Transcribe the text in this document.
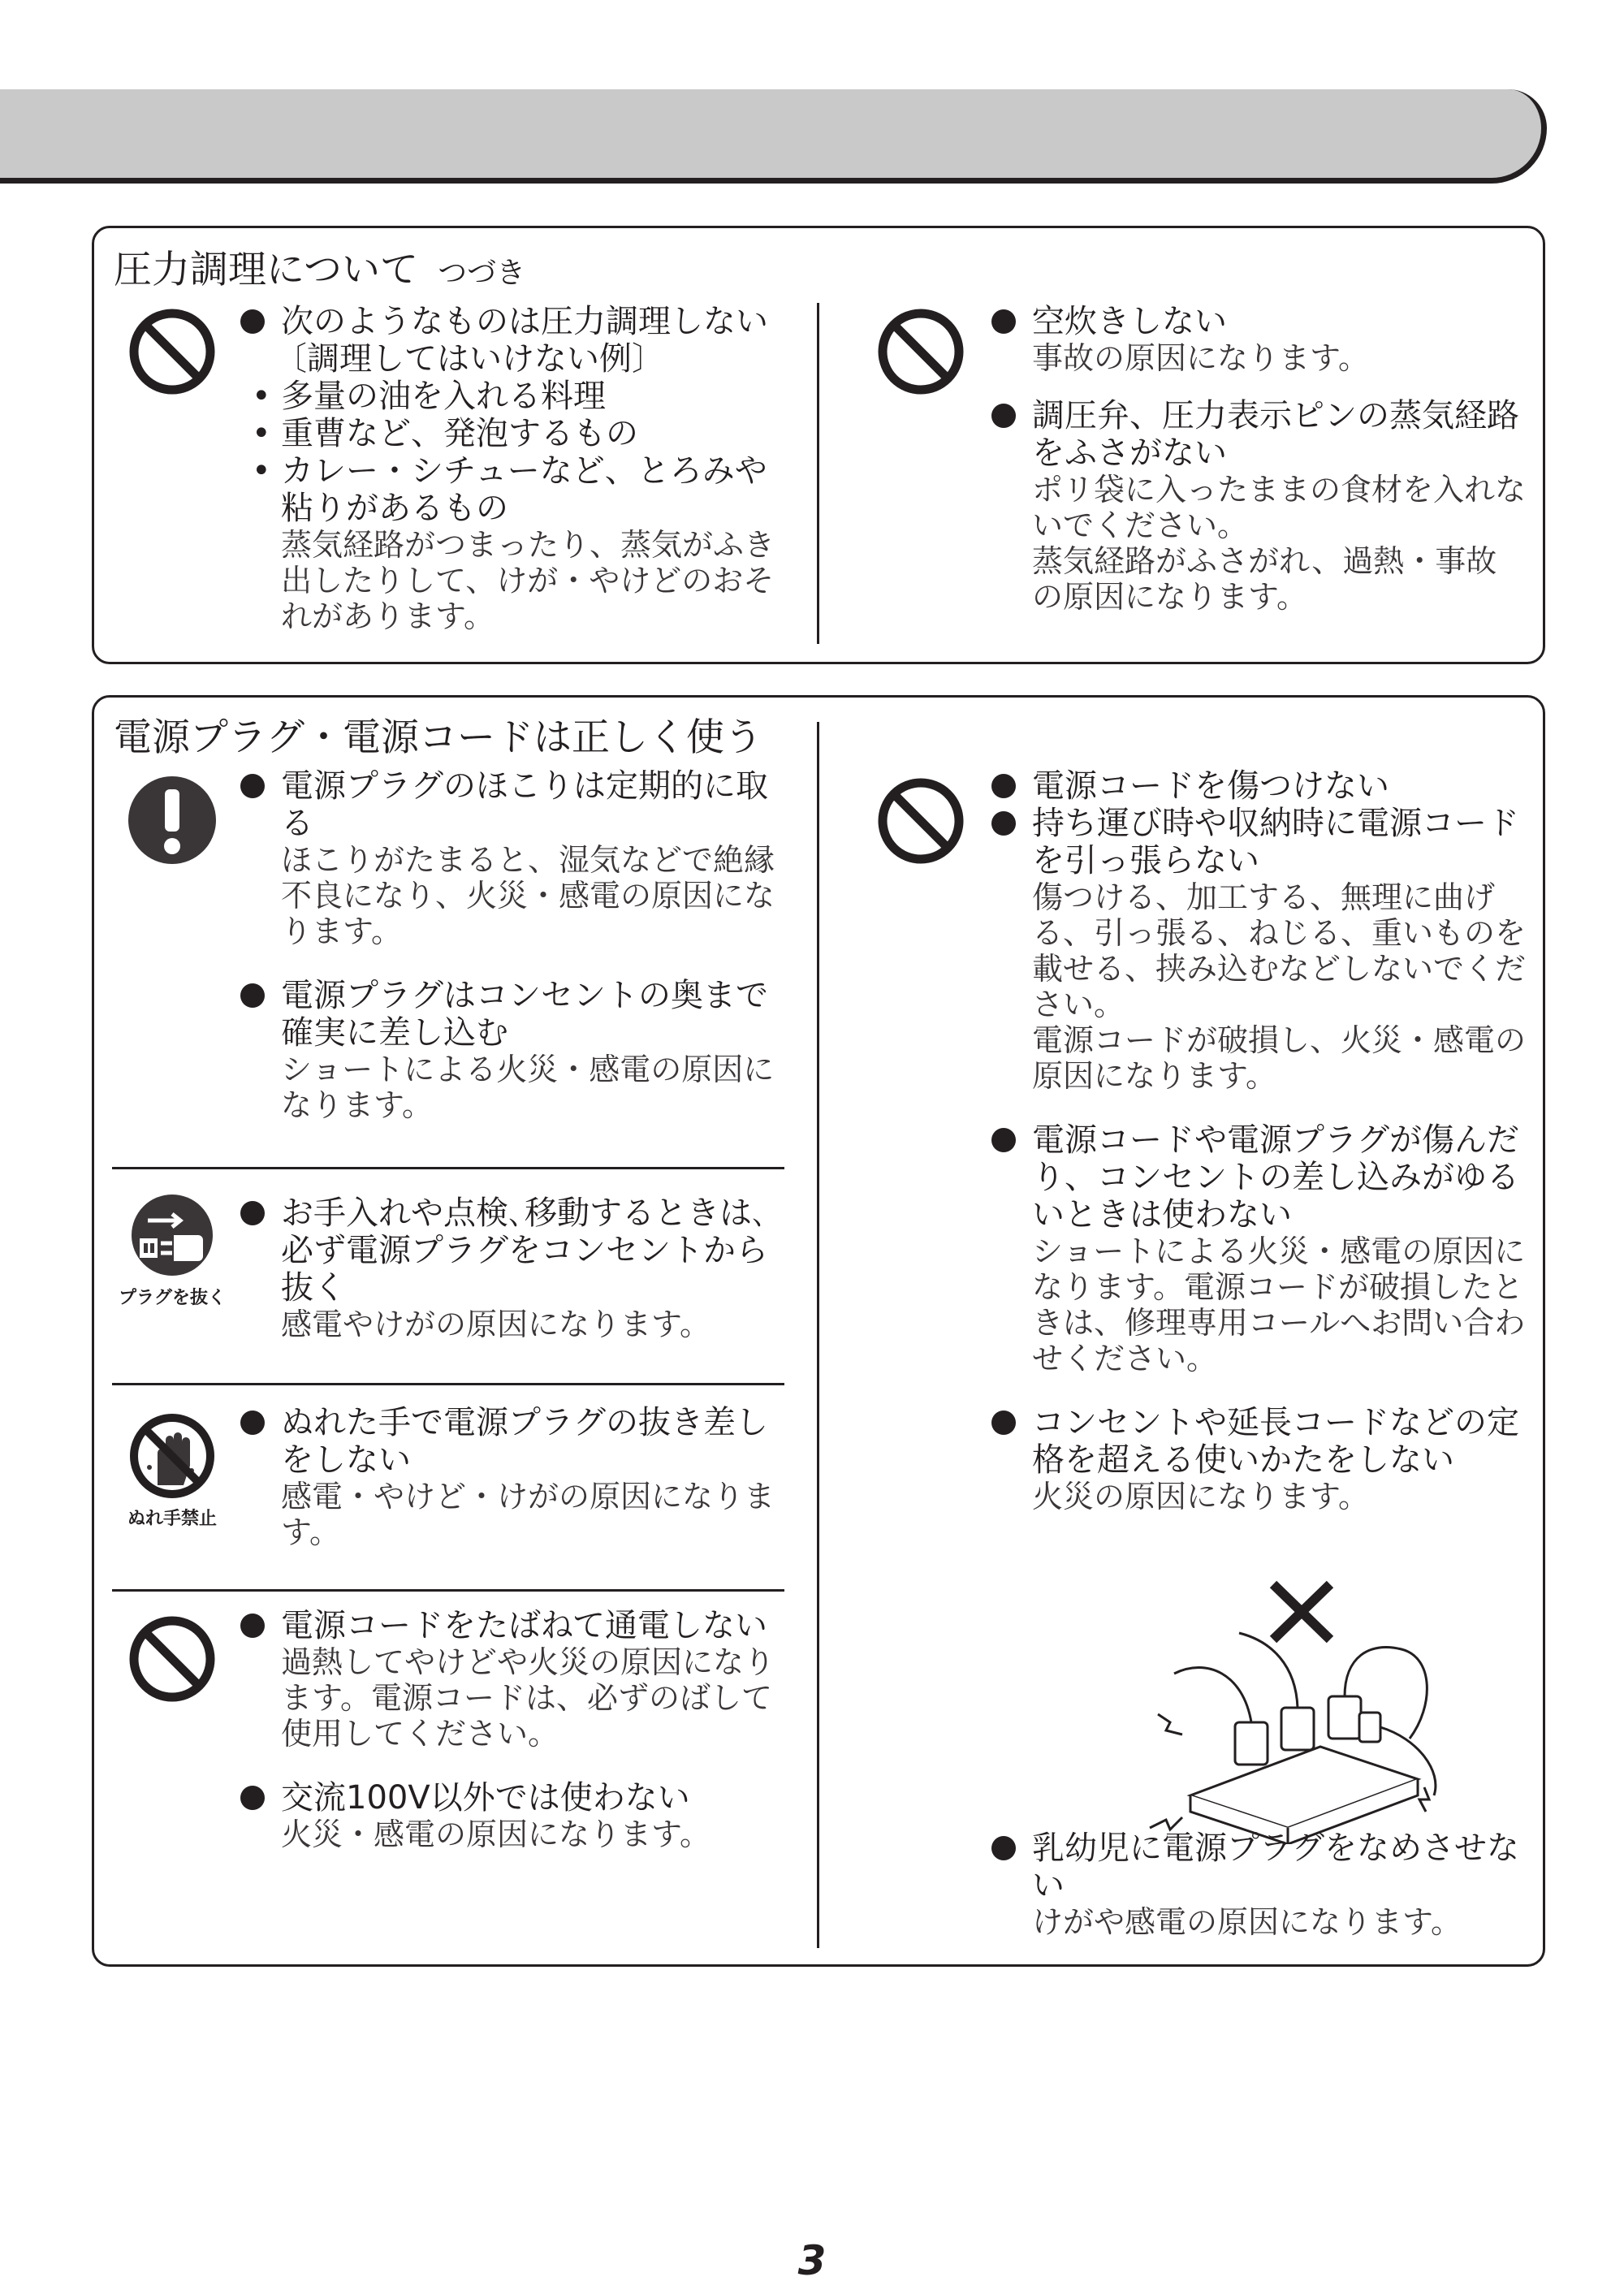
圧力調理について つづき
次のようなものは圧力調理しない
〔調理してはいけない例〕
• 多量の油を入れる料理
• 重曹など、発泡するもの
• カレー・シチューなど、とろみや粘りがあるもの
蒸気経路がつまったり、蒸気がふき出したりして、けが・やけどのおそれがあります。
空炊きしない
事故の原因になります。
調圧弁、圧力表示ピンの蒸気経路をふさがない
ポリ袋に入ったままの食材を入れないでください。
蒸気経路がふさがれ、過熱・事故の原因になります。
電源プラグ・電源コードは正しく使う
電源プラグのほこりは定期的に取る
ほこりがたまると、湿気などで絶縁不良になり、火災・感電の原因になります。
電源プラグはコンセントの奥まで確実に差し込む
ショートによる火災・感電の原因になります。
プラグを抜く
お手入れや点検､移動するときは､必ず電源プラグをコンセントから抜く
感電やけがの原因になります。
ぬれ手禁止
ぬれた手で電源プラグの抜き差しをしない
感電・やけど・けがの原因になります。
電源コードをたばねて通電しない
過熱してやけどや火災の原因になります。電源コードは、必ずのばして使用してください。
交流100V以外では使わない
火災・感電の原因になります。
電源コードを傷つけない
持ち運び時や収納時に電源コードを引っ張らない
傷つける、加工する、無理に曲げる、引っ張る、ねじる、重いものを載せる、挟み込むなどしないでください。
電源コードが破損し、火災・感電の原因になります。
電源コードや電源プラグが傷んだり、コンセントの差し込みがゆるいときは使わない
ショートによる火災・感電の原因になります。電源コードが破損したときは、修理専用コールへお問い合わせください。
コンセントや延長コードなどの定格を超える使いかたをしない
火災の原因になります。
乳幼児に電源プラグをなめさせない
けがや感電の原因になります。
3
